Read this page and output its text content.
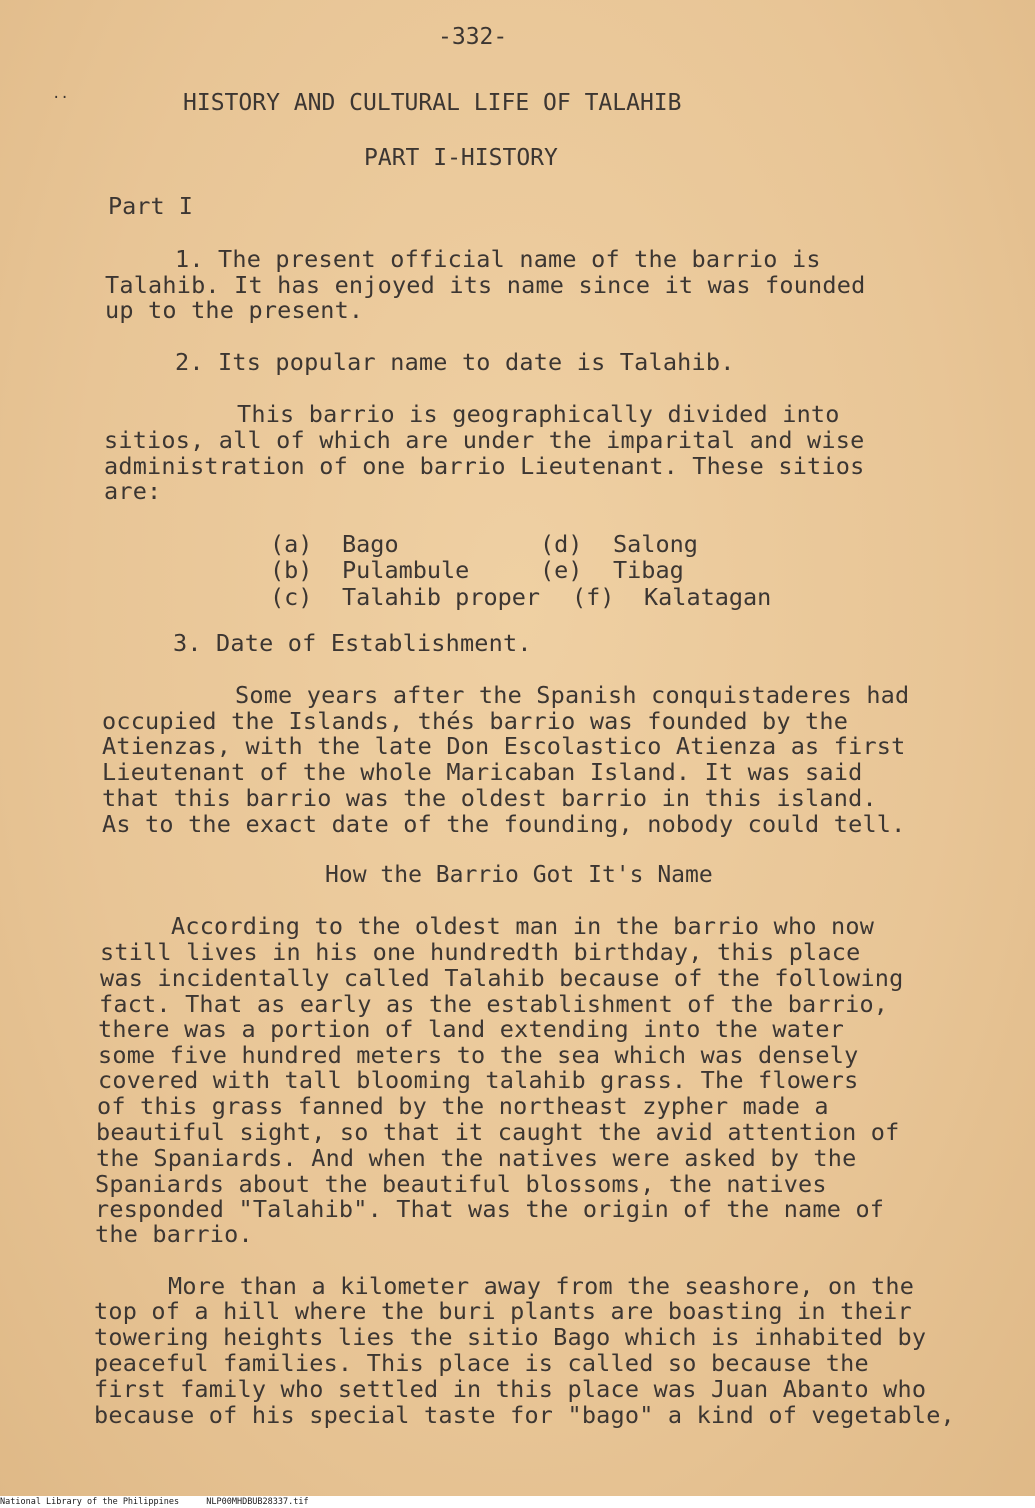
··
-332-
HISTORY AND CULTURAL LIFE OF TALAHIB
PART I-HISTORY
Part I
1. The present official name of the barrio is
Talahib. It has enjoyed its name since it was founded
up to the present.
2. Its popular name to date is Talahib.
This barrio is geographically divided into
sitios, all of which are under the imparital and wise
administration of one barrio Lieutenant. These sitios
are:
(a) Bago	(d) Salong
(b) Pulambule	(e) Tibag
(c) Talahib proper (f) Kalatagan
3. Date of Establishment.
Some years after the Spanish conquistaderes had
occupied the Islands, thés barrio was founded by the
Atienzas, with the late Don Escolastico Atienza as first
Lieutenant of the whole Maricaban Island. It was said
that this barrio was the oldest barrio in this island.
As to the exact date of the founding, nobody could tell.
How the Barrio Got It's Name
According to the oldest man in the barrio who now
still lives in his one hundredth birthday, this place
was incidentally called Talahib because of the following
fact. That as early as the establishment of the barrio,
there was a portion of land extending into the water
some five hundred meters to the sea which was densely
covered with tall blooming talahib grass. The flowers
of this grass fanned by the northeast zypher made a
beautiful sight, so that it caught the avid attention of
the Spaniards. And when the natives were asked by the
Spaniards about the beautiful blossoms, the natives
responded "Talahib". That was the origin of the name of
the barrio.
More than a kilometer away from the seashore, on the
top of a hill where the buri plants are boasting in their
towering heights lies the sitio Bago which is inhabited by
peaceful families. This place is called so because the
first family who settled in this place was Juan Abanto who
because of his special taste for "bago" a kind of vegetable,
National Library of the Philippines	NLP00MHDBUB28337.tif
